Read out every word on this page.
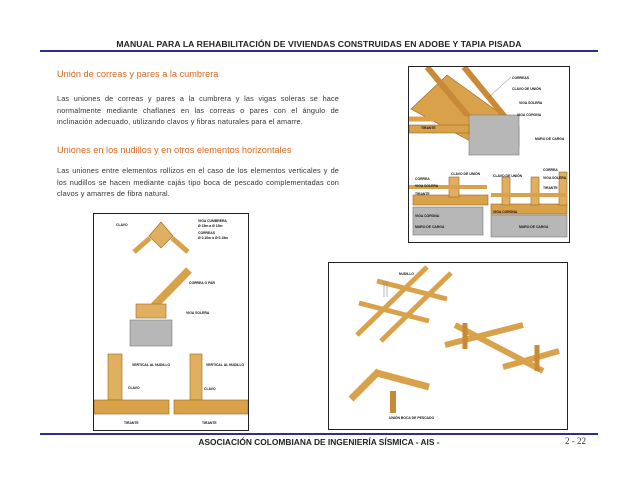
MANUAL PARA LA REHABILITACIÓN DE VIVIENDAS CONSTRUIDAS EN ADOBE Y TAPIA PISADA
Unión de correas y pares a la cumbrera
Las uniones de correas y pares a la cumbrera y las vigas soleras se hace normalmente mediante chaflanes en las correas o pares con el ángulo de inclinación adecuado, utilizando clavos y fibras naturales para el amarre.
Uniones en los nudillos y en otros elementos horizontales
Las uniones entre elementos rollizos en el caso de los elementos verticales y de los nudillos se hacen mediante cajás tipo boca de pescado complementadas con clavos y amarres de fibra natural.
CORREAS
CLAVO DE UNIÓN
VIGA SOLERA
VIGA CORONA
TIRANTE
MURO DE CARGA
CORREA
VIGA SOLERA
TIRANTE
CLAVO DE UNIÓN
VIGA CORONA
MURO DE CARGA
CLAVO DE UNIÓN
CORREA
VIGA SOLERA
TIRANTE
VIGA CORONA
MURO DE CARGA
CLAVO
VIGA CUMBRERA
Ø 15m a Ø 15m
CORREAS
Ø 0.10m a Ø 0.15m
CORREA O PAR
VIGA SOLERA
VERTICAL AL NUDILLO
CLAVO
TIRANTE
VERTICAL AL NUDILLO
CLAVO
TIRANTE
NUDILLO
UNIÓN BOCA DE PESCADO
ASOCIACIÓN COLOMBIANA DE INGENIERÍA SÍSMICA - AIS -	2 - 22
